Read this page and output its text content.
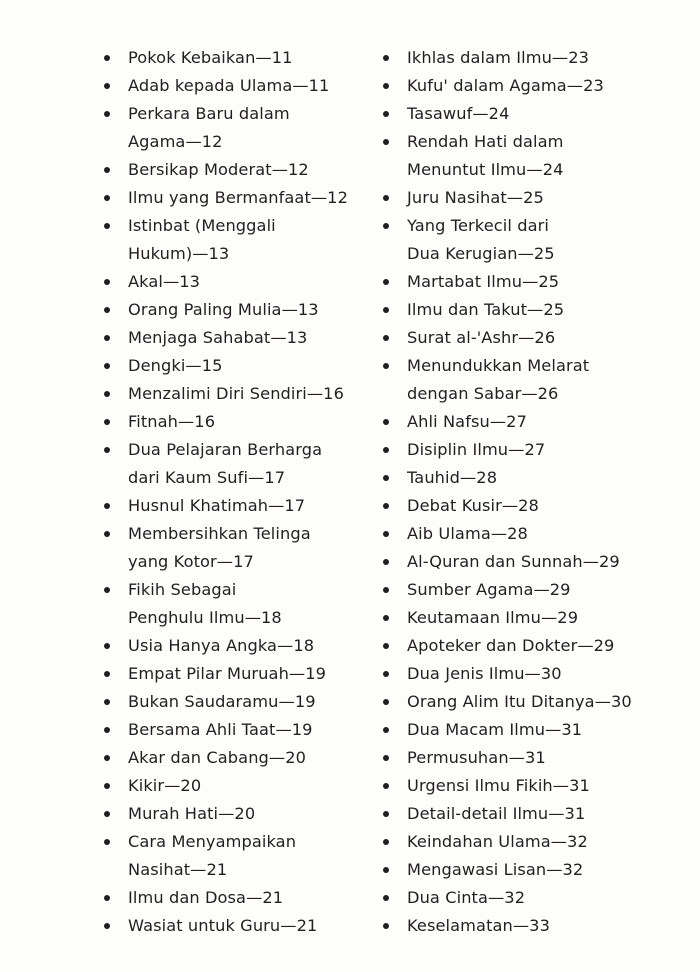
Pokok Kebaikan—11
Adab kepada Ulama—11
Perkara Baru dalam
Agama—12
Bersikap Moderat—12
Ilmu yang Bermanfaat—12
Istinbat (Menggali
Hukum)—13
Akal—13
Orang Paling Mulia—13
Menjaga Sahabat—13
Dengki—15
Menzalimi Diri Sendiri—16
Fitnah—16
Dua Pelajaran Berharga
dari Kaum Sufi—17
Husnul Khatimah—17
Membersihkan Telinga
yang Kotor—17
Fikih Sebagai
Penghulu Ilmu—18
Usia Hanya Angka—18
Empat Pilar Muruah—19
Bukan Saudaramu—19
Bersama Ahli Taat—19
Akar dan Cabang—20
Kikir—20
Murah Hati—20
Cara Menyampaikan
Nasihat—21
Ilmu dan Dosa—21
Wasiat untuk Guru—21
Ikhlas dalam Ilmu—23
Kufu' dalam Agama—23
Tasawuf—24
Rendah Hati dalam
Menuntut Ilmu—24
Juru Nasihat—25
Yang Terkecil dari
Dua Kerugian—25
Martabat Ilmu—25
Ilmu dan Takut—25
Surat al-'Ashr—26
Menundukkan Melarat
dengan Sabar—26
Ahli Nafsu—27
Disiplin Ilmu—27
Tauhid—28
Debat Kusir—28
Aib Ulama—28
Al-Quran dan Sunnah—29
Sumber Agama—29
Keutamaan Ilmu—29
Apoteker dan Dokter—29
Dua Jenis Ilmu—30
Orang Alim Itu Ditanya—30
Dua Macam Ilmu—31
Permusuhan—31
Urgensi Ilmu Fikih—31
Detail-detail Ilmu—31
Keindahan Ulama—32
Mengawasi Lisan—32
Dua Cinta—32
Keselamatan—33
